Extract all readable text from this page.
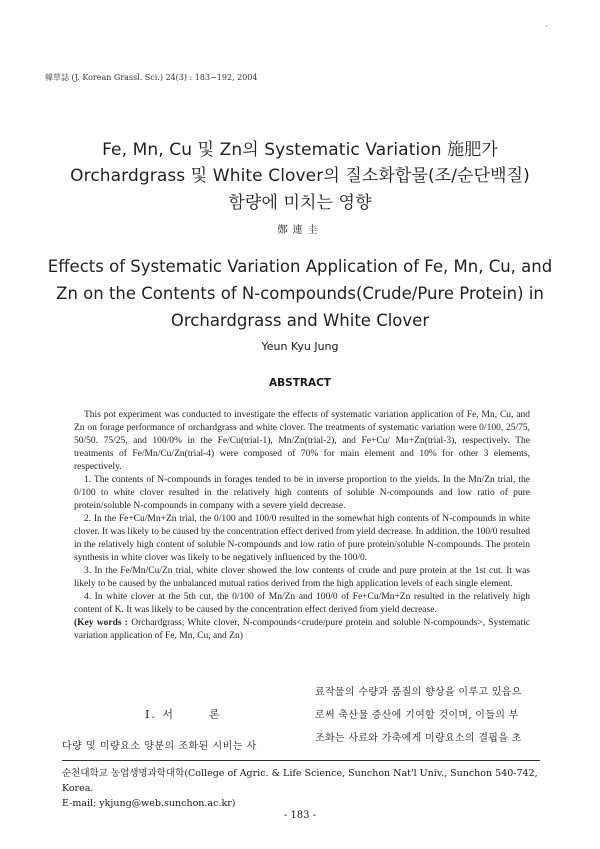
韓草誌 (J. Korean Grassl. Sci.) 24(3) : 183~192, 2004
·
Fe, Mn, Cu 및 Zn의 Systematic Variation 施肥가
Orchardgrass 및 White Clover의 질소화합물(조/순단백질)
함량에 미치는 영향
鄭連圭
Effects of Systematic Variation Application of Fe, Mn, Cu, and
Zn on the Contents of N-compounds(Crude/Pure Protein) in
Orchardgrass and White Clover
Yeun Kyu Jung
ABSTRACT

This pot experiment was conducted to investigate the effects of systematic variation application of Fe, Mn, Cu, and Zn on forage performance of orchardgrass and white clover. The treatments of systematic variation were 0/100, 25/75, 50/50. 75/25, and 100/0% in the Fe/Cu(trial-1), Mn/Zn(trial-2), and Fe+Cu/ Mn+Zn(trial-3), respectively. The treatments of Fe/Mn/Cu/Zn(trial-4) were composed of 70% for main element and 10% for other 3 elements, respectively.

1. The contents of N-compounds in forages tended to be in inverse proportion to the yields. In the Mn/Zn trial, the 0/100 to white clover resulted in the relatively high contents of soluble N-compounds and low ratio of pure protein/soluble N-compounds in company with a severe yield decrease.

2. In the Fe+Cu/Mn+Zn trial, the 0/100 and 100/0 resulted in the somewhat high contents of N-compounds in white clover. It was likely to be caused by the concentration effect derived from yield decrease. In addition, the 100/0 resulted in the relatively high content of soluble N-compounds and low ratio of pure protein/soluble N-compounds. The protein synthesis in white clover was likely to be negatively influenced by the 100/0.

3. In the Fe/Mn/Cu/Zn trial, white clover showed the low contents of crude and pure protein at the 1st cut. It was likely to be caused by the unbalanced mutual ratios derived from the high application levels of each single element.

4. In white clover at the 5th cut, the 0/100 of Mn/Zn and 100/0 of Fe+Cu/Mn+Zn resulted in the relatively high content of K. It was likely to be caused by the concentration effect derived from yield decrease.

(Key words : Orchardgrass, White clover, N-compounds<crude/pure protein and soluble N-compounds>, Systematic variation application of Fe, Mn, Cu, and Zn)

Ⅰ. 서	론
다량 및 미량요소 양분의 조화된 시비는 사
료작물의 수량과 품질의 향상을 이루고 있음으
로써 축산물 증산에 기여할 것이며, 이들의 부
조화는 사료와 가축에게 미량요소의 결핍을 초
순천대학교 농업생명과학대학(College of Agric. & Life Science, Sunchon Nat'l Univ., Sunchon 540-742, Korea.
E-mail; ykjung@web.sunchon.ac.kr)
- 183 -
